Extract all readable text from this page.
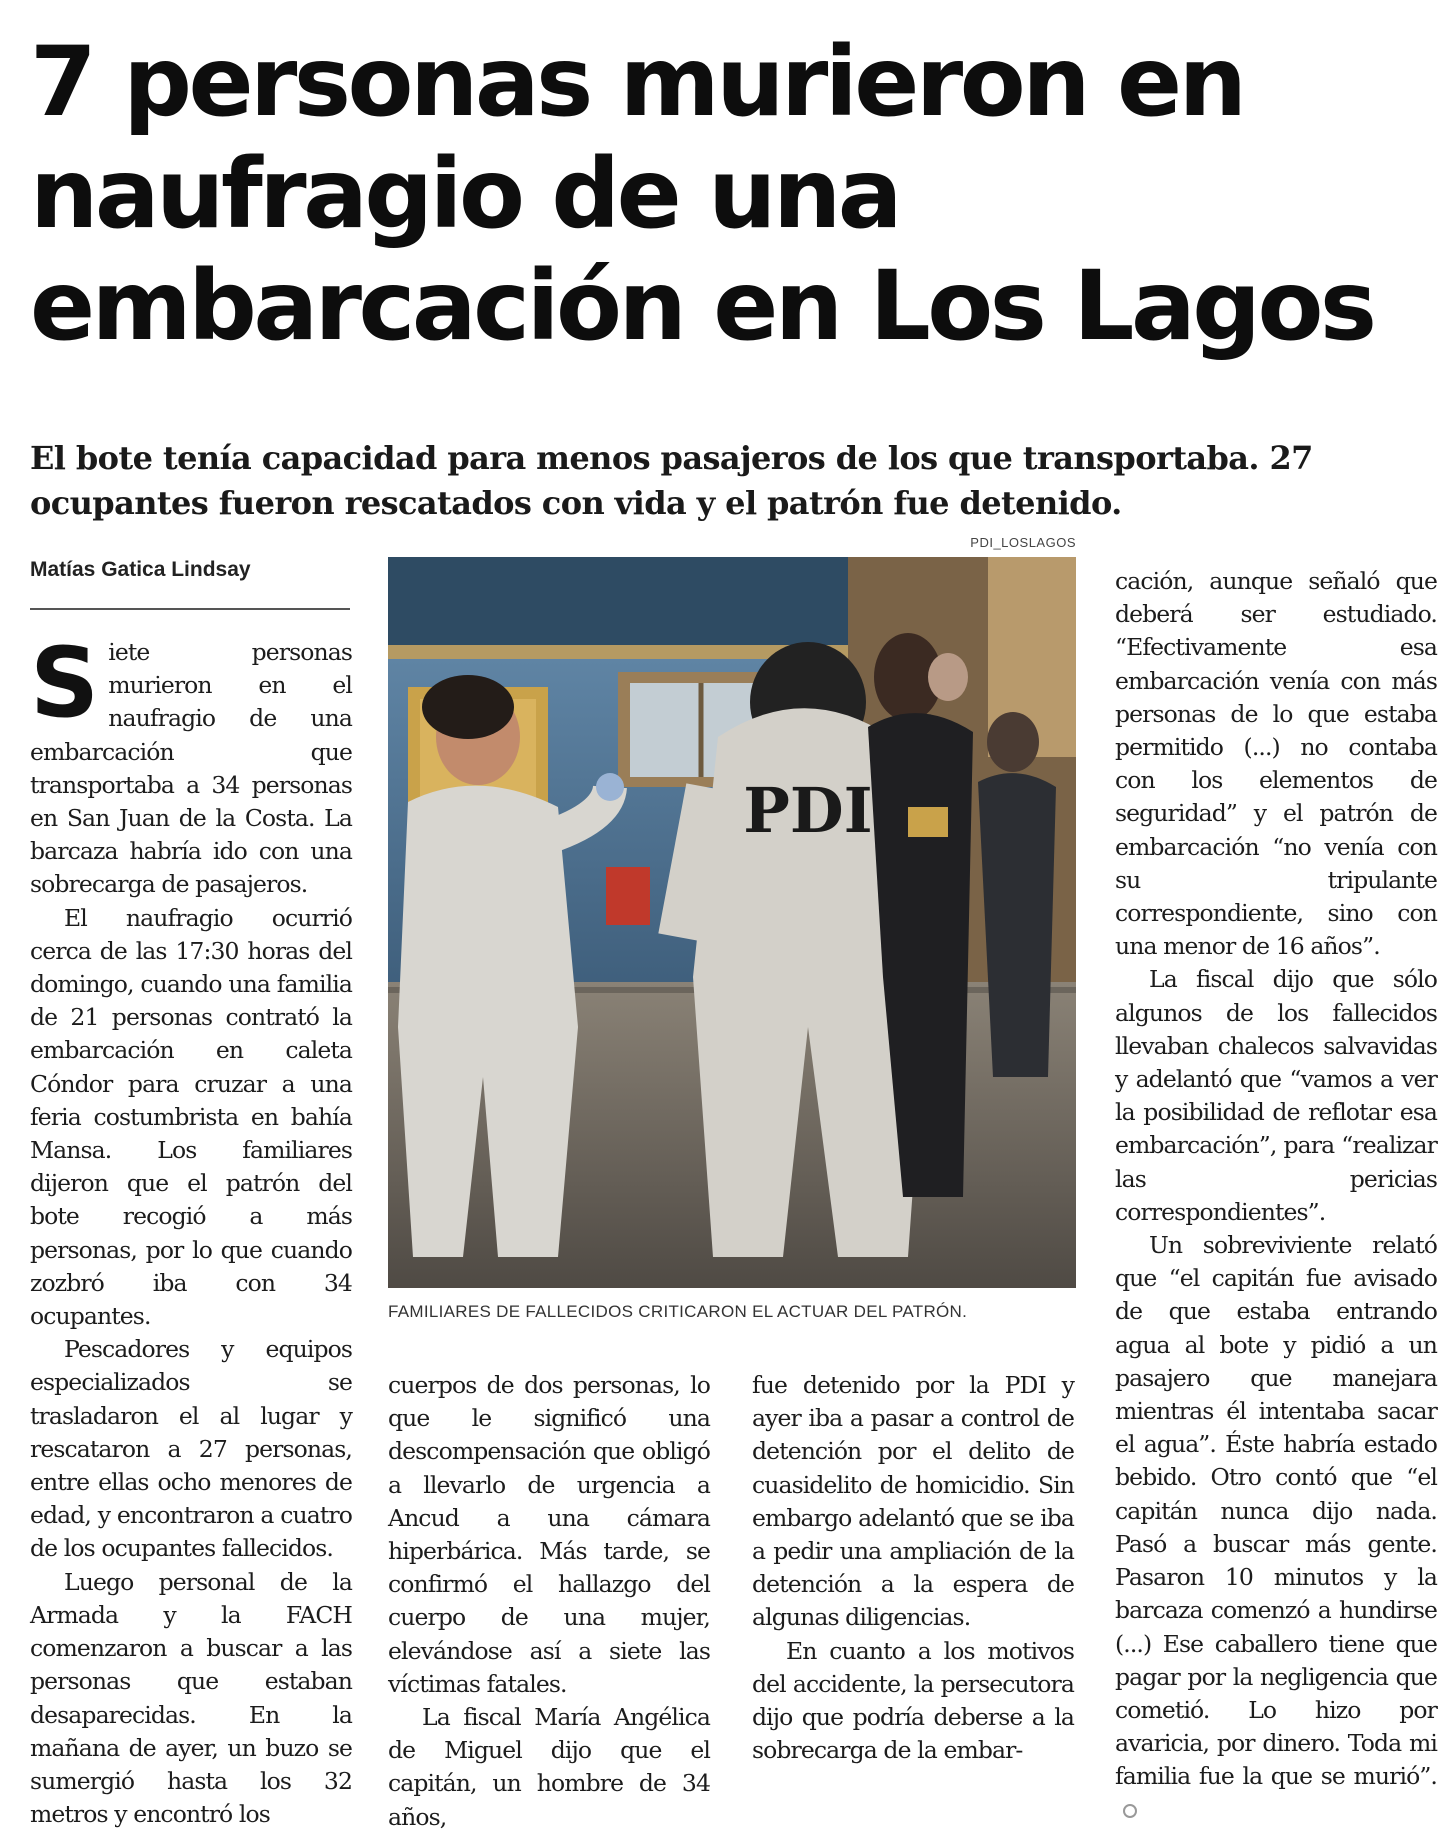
7 personas murieron en naufragio de una embarcación en Los Lagos

El bote tenía capacidad para menos pasajeros de los que transportaba. 27 ocupantes fueron rescatados con vida y el patrón fue detenido.

Matías Gatica Lindsay

Siete personas murieron en el naufragio de una embarcación que transportaba a 34 personas en San Juan de la Costa. La barcaza habría ido con una sobrecarga de pasajeros.

El naufragio ocurrió cerca de las 17:30 horas del domingo, cuando una familia de 21 personas contrató la embarcación en caleta Cóndor para cruzar a una feria costumbrista en bahía Mansa. Los familiares dijeron que el patrón del bote recogió a más personas, por lo que cuando zozbró iba con 34 ocupantes.

Pescadores y equipos especializados se trasladaron el al lugar y rescataron a 27 personas, entre ellas ocho menores de edad, y encontraron a cuatro de los ocupantes fallecidos.

Luego personal de la Armada y la FACH comenzaron a buscar a las personas que estaban desaparecidas. En la mañana de ayer, un buzo se sumergió hasta los 32 metros y encontró los

PDI_LOSLAGOS
PDI
FAMILIARES DE FALLECIDOS CRITICARON EL ACTUAR DEL PATRÓN.

cuerpos de dos personas, lo que le significó una descompensación que obligó a llevarlo de urgencia a Ancud a una cámara hiperbárica. Más tarde, se confirmó el hallazgo del cuerpo de una mujer, elevándose así a siete las víctimas fatales.

La fiscal María Angélica de Miguel dijo que el capitán, un hombre de 34 años,

fue detenido por la PDI y ayer iba a pasar a control de detención por el delito de cuasidelito de homicidio. Sin embargo adelantó que se iba a pedir una ampliación de la detención a la espera de algunas diligencias.

En cuanto a los motivos del accidente, la persecutora dijo que podría deberse a la sobrecarga de la embar-

cación, aunque señaló que deberá ser estudiado. “Efectivamente esa embarcación venía con más personas de lo que estaba permitido (...) no contaba con los elementos de seguridad” y el patrón de embarcación “no venía con su tripulante correspondiente, sino con una menor de 16 años”.

La fiscal dijo que sólo algunos de los fallecidos llevaban chalecos salvavidas y adelantó que “vamos a ver la posibilidad de reflotar esa embarcación”, para “realizar las pericias correspondientes”.

Un sobreviviente relató que “el capitán fue avisado de que estaba entrando agua al bote y pidió a un pasajero que manejara mientras él intentaba sacar el agua”. Éste habría estado bebido. Otro contó que “el capitán nunca dijo nada. Pasó a buscar más gente. Pasaron 10 minutos y la barcaza comenzó a hundirse (...) Ese caballero tiene que pagar por la negligencia que cometió. Lo hizo por avaricia, por dinero. Toda mi familia fue la que se murió”.
